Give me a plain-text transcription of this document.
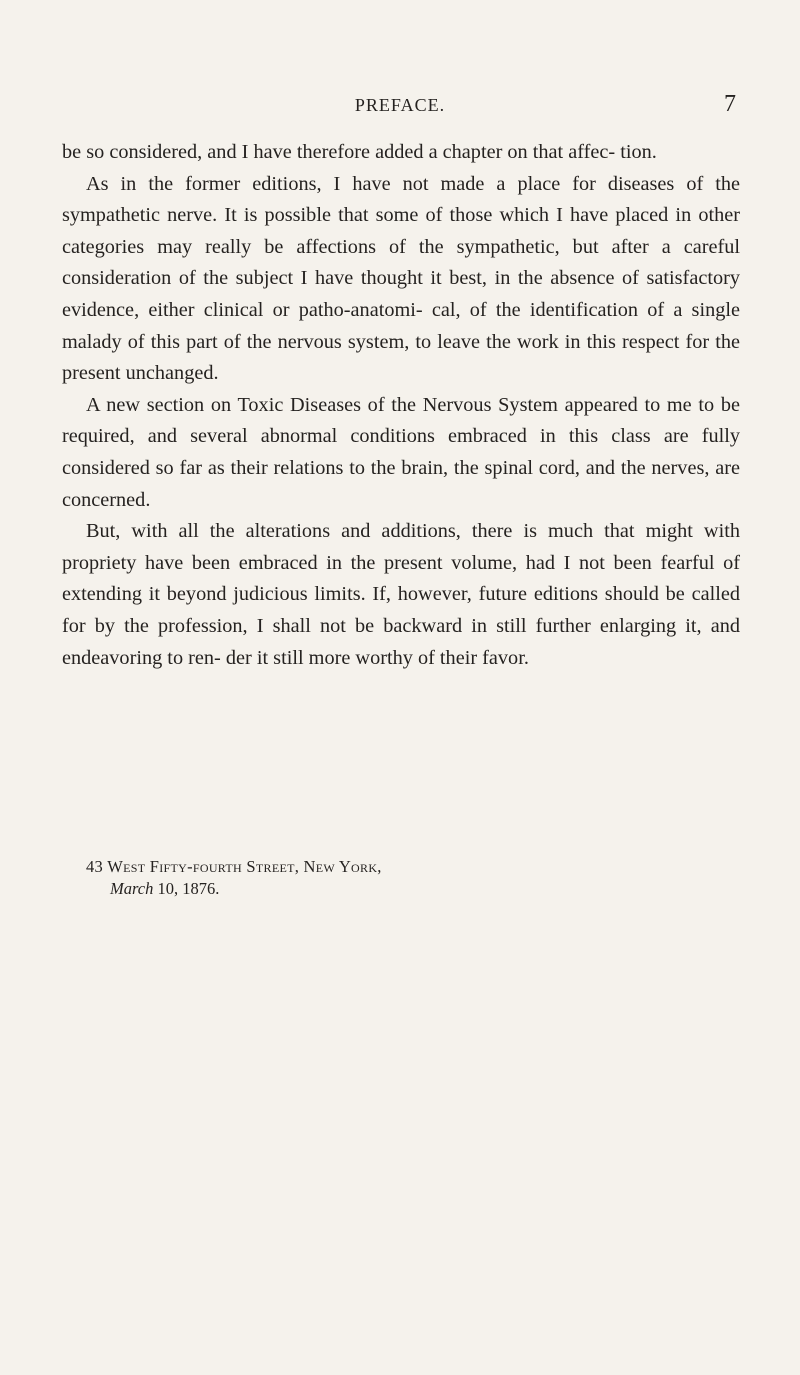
PREFACE.	7

be so considered, and I have therefore added a chapter on that affec- tion.

As in the former editions, I have not made a place for diseases of the sympathetic nerve. It is possible that some of those which I have placed in other categories may really be affections of the sympathetic, but after a careful consideration of the subject I have thought it best, in the absence of satisfactory evidence, either clinical or patho-anatomi- cal, of the identification of a single malady of this part of the nervous system, to leave the work in this respect for the present unchanged.

A new section on Toxic Diseases of the Nervous System appeared to me to be required, and several abnormal conditions embraced in this class are fully considered so far as their relations to the brain, the spinal cord, and the nerves, are concerned.

But, with all the alterations and additions, there is much that might with propriety have been embraced in the present volume, had I not been fearful of extending it beyond judicious limits. If, however, future editions should be called for by the profession, I shall not be backward in still further enlarging it, and endeavoring to ren- der it still more worthy of their favor.

43 West Fifty-fourth Street, New York,
March 10, 1876.
